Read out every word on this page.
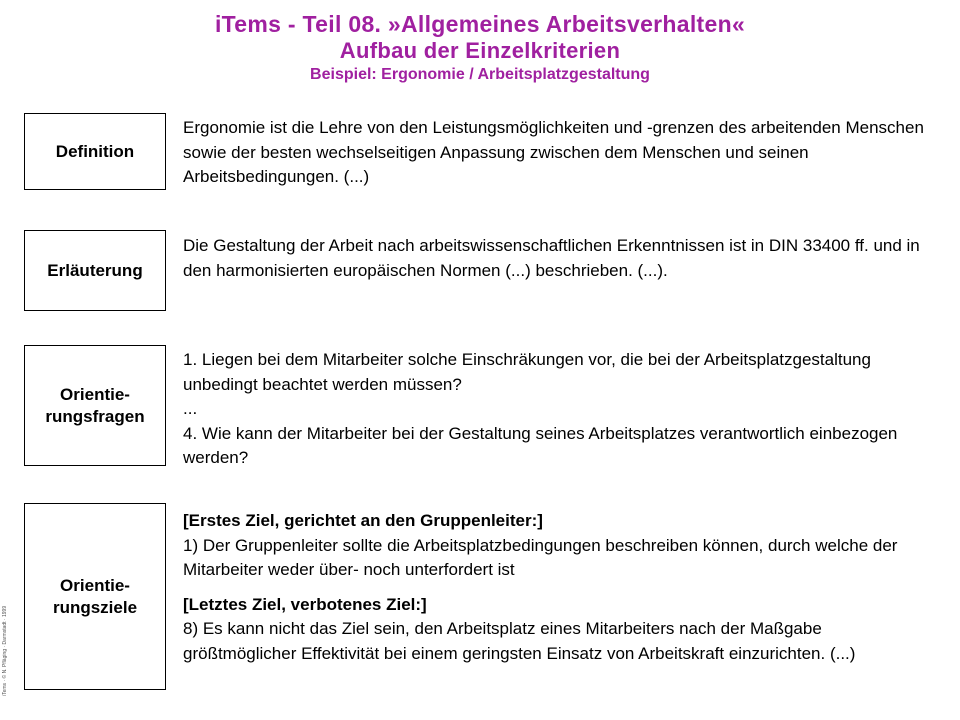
iTems - Teil 08. »Allgemeines Arbeitsverhalten«
Aufbau der Einzelkriterien
Beispiel: Ergonomie / Arbeitsplatzgestaltung
Definition
Ergonomie ist die Lehre von den Leistungsmöglichkeiten und -grenzen des arbeitenden Menschen sowie der besten wechselseitigen Anpassung zwischen dem Menschen und seinen Arbeitsbedingungen. (...)
Erläuterung
Die Gestaltung der Arbeit nach arbeitswissenschaftlichen Erkenntnissen ist in DIN 33400 ff. und in den harmonisierten europäischen Normen (...) beschrieben. (...).
Orientie-
rungsfragen
1. Liegen bei dem Mitarbeiter solche Einschräkungen vor, die bei der Arbeitsplatzgestaltung unbedingt beachtet werden müssen?
...
4. Wie kann der Mitarbeiter bei der Gestaltung seines Arbeitsplatzes verantwortlich einbezogen werden?
Orientie-
rungsziele
[Erstes Ziel, gerichtet an den Gruppenleiter:]
1) Der Gruppenleiter sollte die Arbeitsplatzbedingungen beschreiben können, durch welche der Mitarbeiter weder über- noch unterfordert ist
[Letztes Ziel, verbotenes Ziel:]
8) Es kann nicht das Ziel sein, den Arbeitsplatz eines Mitarbeiters nach der Maßgabe größtmöglicher Effektivität bei einem geringsten Einsatz von Arbeitskraft einzurichten. (...)
iTems · © N. Pfläging · Darmstadt · 1999
